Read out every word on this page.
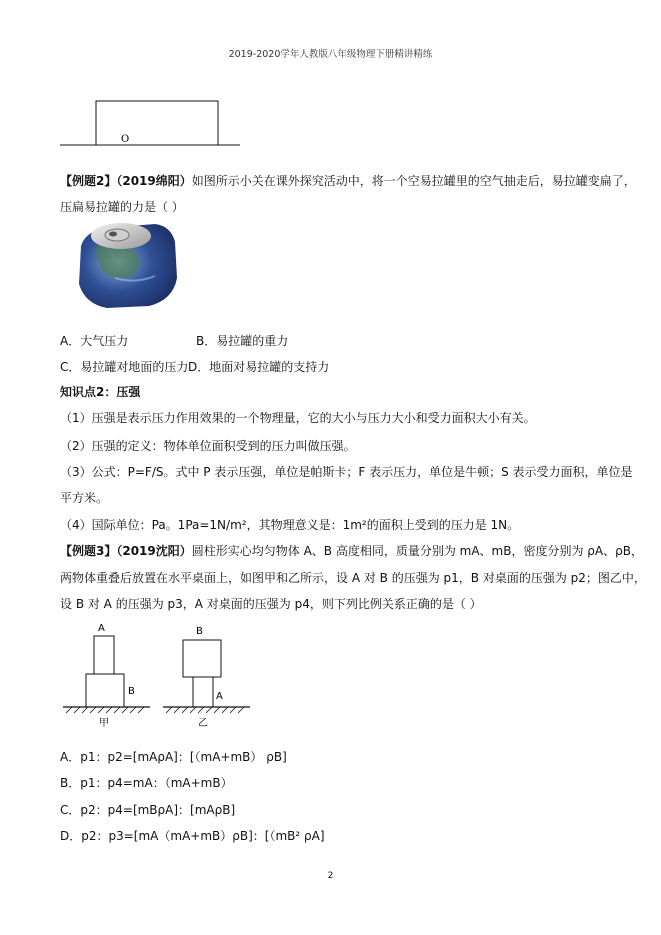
2019-2020学年人教版八年级物理下册精讲精练
O
【例题2】（2019绵阳）如图所示小关在课外探究活动中，将一个空易拉罐里的空气抽走后，易拉罐变扁了，
压扁易拉罐的力是（ ）
A．大气压力	B．易拉罐的重力
C．易拉罐对地面的压力 D．地面对易拉罐的支持力
知识点2：压强
（1）压强是表示压力作用效果的一个物理量，它的大小与压力大小和受力面积大小有关。
（2）压强的定义：物体单位面积受到的压力叫做压强。
（3）公式：P=F/S。式中 P 表示压强，单位是帕斯卡；F 表示压力，单位是牛顿；S 表示受力面积，单位是
平方米。
（4）国际单位：Pa。1Pa=1N/m²，其物理意义是：1m²的面积上受到的压力是 1N。
【例题3】（2019沈阳）圆柱形实心均匀物体 A、B 高度相同，质量分别为 mA、mB，密度分别为 ρA、ρB，
两物体重叠后放置在水平桌面上，如图甲和乙所示，设 A 对 B 的压强为 p1，B 对桌面的压强为 p2；图乙中，
设 B 对 A 的压强为 p3，A 对桌面的压强为 p4，则下列比例关系正确的是（ ）
A
B
甲
B
A
乙
A．p1：p2=[mAρA]：[（mA+mB） ρB]
B．p1：p4=mA：（mA+mB）
C．p2：p4=[mBρA]：[mAρB]
D．p2：p3=[mA（mA+mB）ρB]：[（mB² ρA]
2
